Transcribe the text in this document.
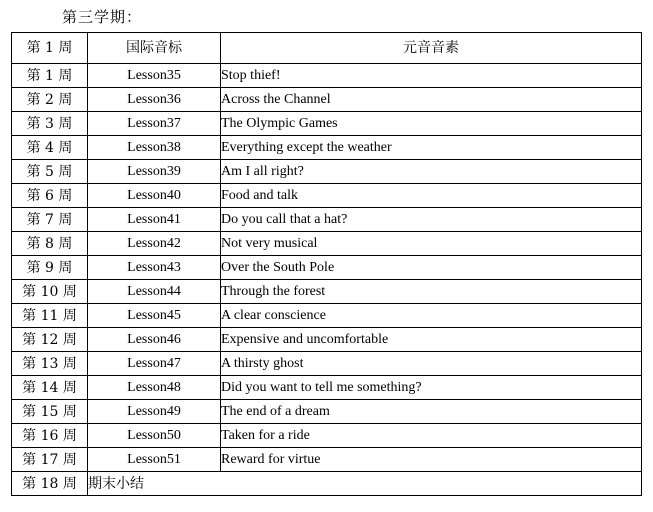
第三学期：
第 1 周	国际音标	元音音素
第 1 周	Lesson35	Stop thief!
第 2 周	Lesson36	Across the Channel
第 3 周	Lesson37	The Olympic Games
第 4 周	Lesson38	Everything except the weather
第 5 周	Lesson39	Am I all right?
第 6 周	Lesson40	Food and talk
第 7 周	Lesson41	Do you call that a hat?
第 8 周	Lesson42	Not very musical
第 9 周	Lesson43	Over the South Pole
第 10 周	Lesson44	Through the forest
第 11 周	Lesson45	A clear conscience
第 12 周	Lesson46	Expensive and uncomfortable
第 13 周	Lesson47	A thirsty ghost
第 14 周	Lesson48	Did you want to tell me something?
第 15 周	Lesson49	The end of a dream
第 16 周	Lesson50	Taken for a ride
第 17 周	Lesson51	Reward for virtue
第 18 周	期末小结	
